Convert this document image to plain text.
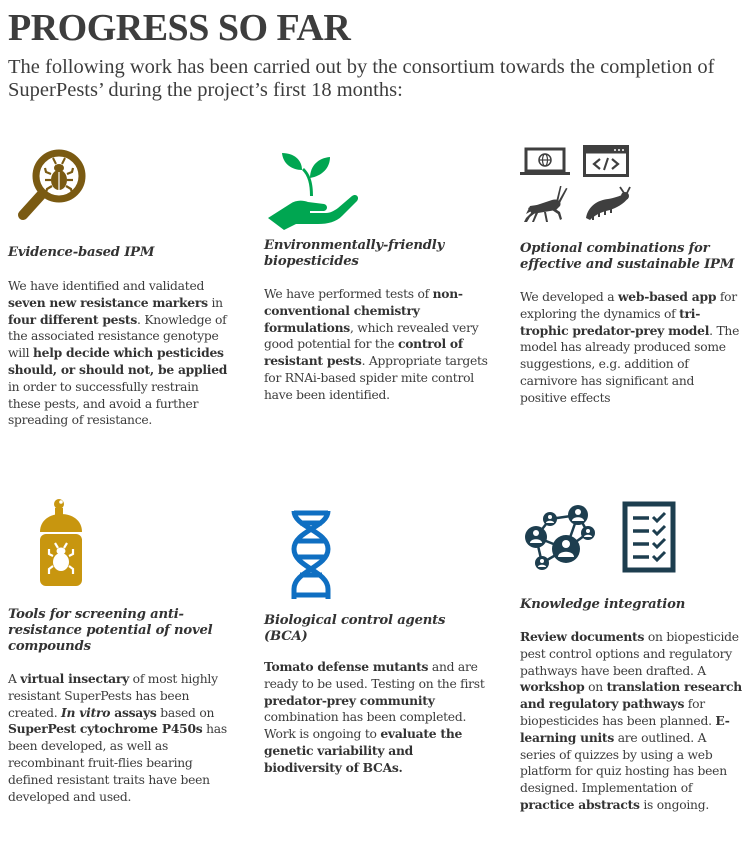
PROGRESS SO FAR

The following work has been carried out by the consortium towards the completion of SuperPests’ during the project’s first 18 months:

Evidence-based IPM

We have identified and validated seven new resistance markers in four different pests. Knowledge of the associated resistance genotype will help decide which pesticides should, or should not, be applied in order to successfully restrain these pests, and avoid a further spreading of resistance.

Environmentally-friendly biopesticides

We have performed tests of non-conventional chemistry formulations, which revealed very good potential for the control of resistant pests. Appropriate targets for RNAi-based spider mite control have been identified.

Optional combinations for effective and sustainable IPM

We developed a web-based app for exploring the dynamics of tri-trophic predator-prey model. The model has already produced some suggestions, e.g. addition of carnivore has significant and positive effects

Tools for screening anti-resistance potential of novel compounds

A virtual insectary of most highly resistant SuperPests has been created. In vitro assays based on SuperPest cytochrome P450s has been developed, as well as recombinant fruit-flies bearing defined resistant traits have been developed and used.

Biological control agents (BCA)

Tomato defense mutants and are ready to be used. Testing on the first predator-prey community combination has been completed. Work is ongoing to evaluate the genetic variability and biodiversity of BCAs.

Knowledge integration

Review documents on biopesticide pest control options and regulatory pathways have been drafted. A workshop on translation research and regulatory pathways for biopesticides has been planned. E-learning units are outlined. A series of quizzes by using a web platform for quiz hosting has been designed. Implementation of practice abstracts is ongoing.
